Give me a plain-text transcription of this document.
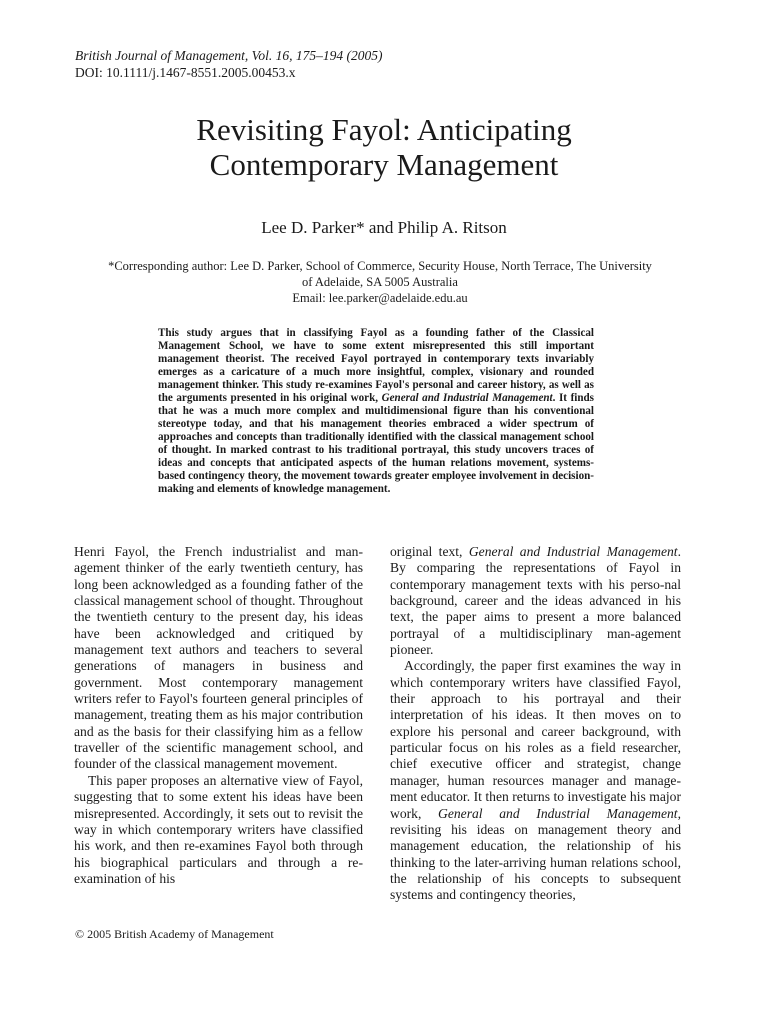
British Journal of Management, Vol. 16, 175–194 (2005)
DOI: 10.1111/j.1467-8551.2005.00453.x
Revisiting Fayol: Anticipating
Contemporary Management
Lee D. Parker* and Philip A. Ritson
*Corresponding author: Lee D. Parker, School of Commerce, Security House, North Terrace, The University
of Adelaide, SA 5005 Australia
Email: lee.parker@adelaide.edu.au
This study argues that in classifying Fayol as a founding father of the Classical Management School, we have to some extent misrepresented this still important management theorist. The received Fayol portrayed in contemporary texts invariably emerges as a caricature of a much more insightful, complex, visionary and rounded management thinker. This study re-examines Fayol's personal and career history, as well as the arguments presented in his original work, General and Industrial Management. It finds that he was a much more complex and multidimensional figure than his conventional stereotype today, and that his management theories embraced a wider spectrum of approaches and concepts than traditionally identified with the classical management school of thought. In marked contrast to his traditional portrayal, this study uncovers traces of ideas and concepts that anticipated aspects of the human relations movement, systems-based contingency theory, the movement towards greater employee involvement in decision-making and elements of knowledge management.

Henri Fayol, the French industrialist and man-agement thinker of the early twentieth century, has long been acknowledged as a founding father of the classical management school of thought. Throughout the twentieth century to the present day, his ideas have been acknowledged and critiqued by management text authors and teachers to several generations of managers in business and government. Most contemporary management writers refer to Fayol's fourteen general principles of management, treating them as his major contribution and as the basis for their classifying him as a fellow traveller of the scientific management school, and founder of the classical management movement.

This paper proposes an alternative view of Fayol, suggesting that to some extent his ideas have been misrepresented. Accordingly, it sets out to revisit the way in which contemporary writers have classified his work, and then re-examines Fayol both through his biographical particulars and through a re-examination of his

original text, General and Industrial Management. By comparing the representations of Fayol in contemporary management texts with his perso-nal background, career and the ideas advanced in his text, the paper aims to present a more balanced portrayal of a multidisciplinary man-agement pioneer.

Accordingly, the paper first examines the way in which contemporary writers have classified Fayol, their approach to his portrayal and their interpretation of his ideas. It then moves on to explore his personal and career background, with particular focus on his roles as a field researcher, chief executive officer and strategist, change manager, human resources manager and manage-ment educator. It then returns to investigate his major work, General and Industrial Management, revisiting his ideas on management theory and management education, the relationship of his thinking to the later-arriving human relations school, the relationship of his concepts to subsequent systems and contingency theories,

© 2005 British Academy of Management
